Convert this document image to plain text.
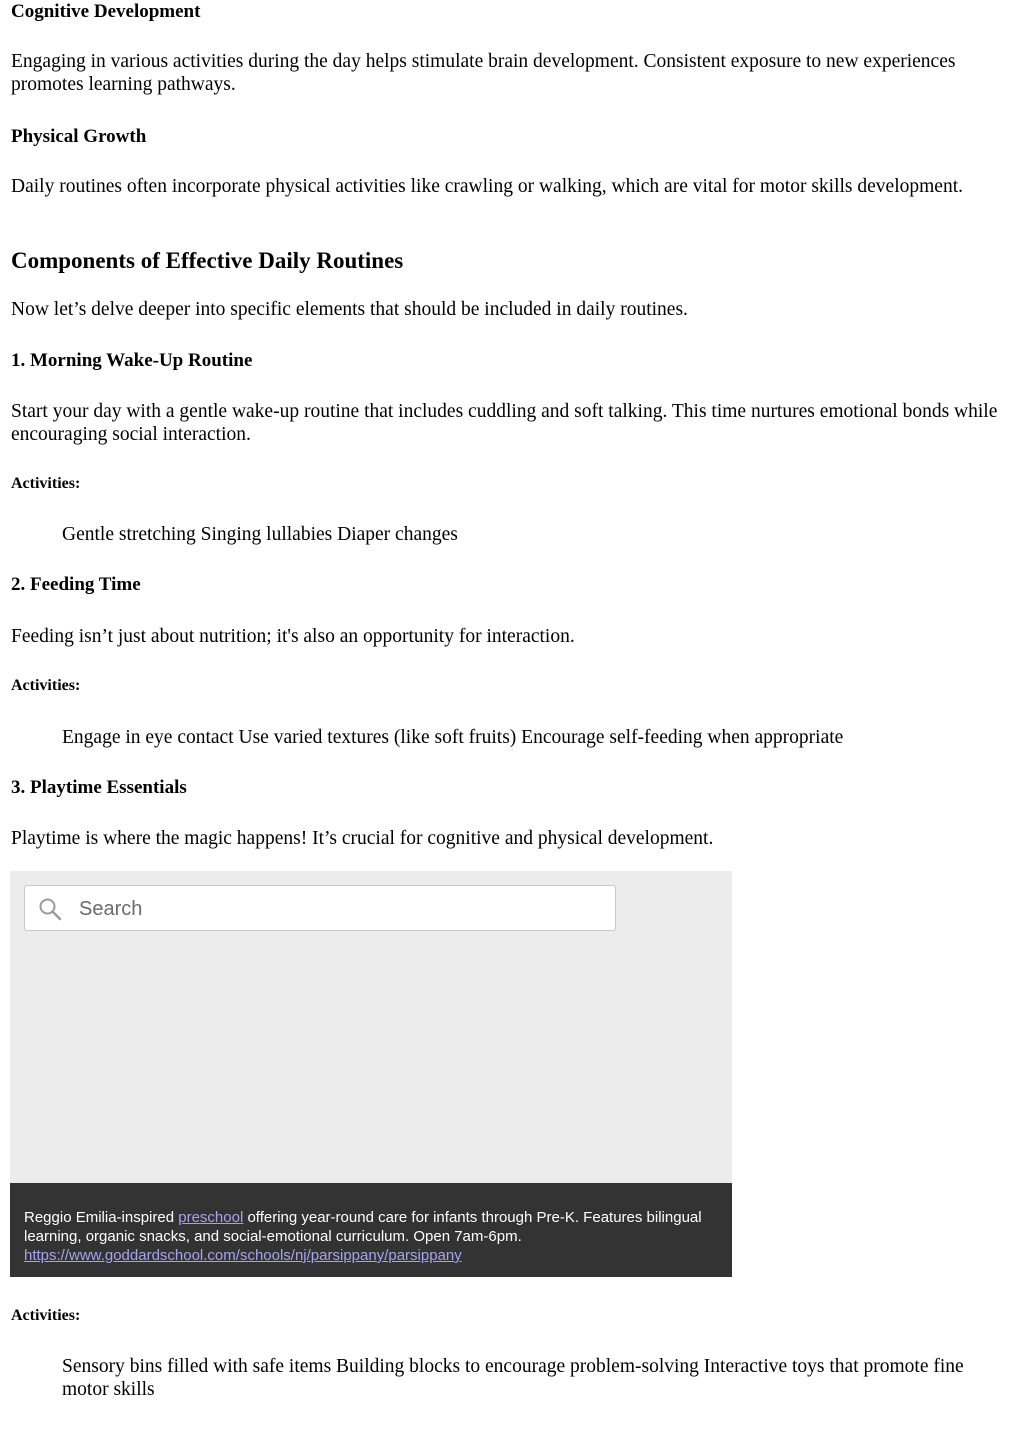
Cognitive Development

Engaging in various activities during the day helps stimulate brain development. Consistent exposure to new experiences promotes learning pathways.

Physical Growth

Daily routines often incorporate physical activities like crawling or walking, which are vital for motor skills development.

Components of Effective Daily Routines

Now let’s delve deeper into specific elements that should be included in daily routines.

1. Morning Wake-Up Routine

Start your day with a gentle wake-up routine that includes cuddling and soft talking. This time nurtures emotional bonds while encouraging social interaction.

Activities:

Gentle stretching Singing lullabies Diaper changes

2. Feeding Time

Feeding isn’t just about nutrition; it's also an opportunity for interaction.

Activities:

Engage in eye contact Use varied textures (like soft fruits) Encourage self-feeding when appropriate

3. Playtime Essentials

Playtime is where the magic happens! It’s crucial for cognitive and physical development.

Search
Reggio Emilia-inspired preschool offering year-round care for infants through Pre-K. Features bilingual learning, organic snacks, and social-emotional curriculum. Open 7am-6pm.
https://www.goddardschool.com/schools/nj/parsippany/parsippany
Activities:

Sensory bins filled with safe items Building blocks to encourage problem-solving Interactive toys that promote fine motor skills
